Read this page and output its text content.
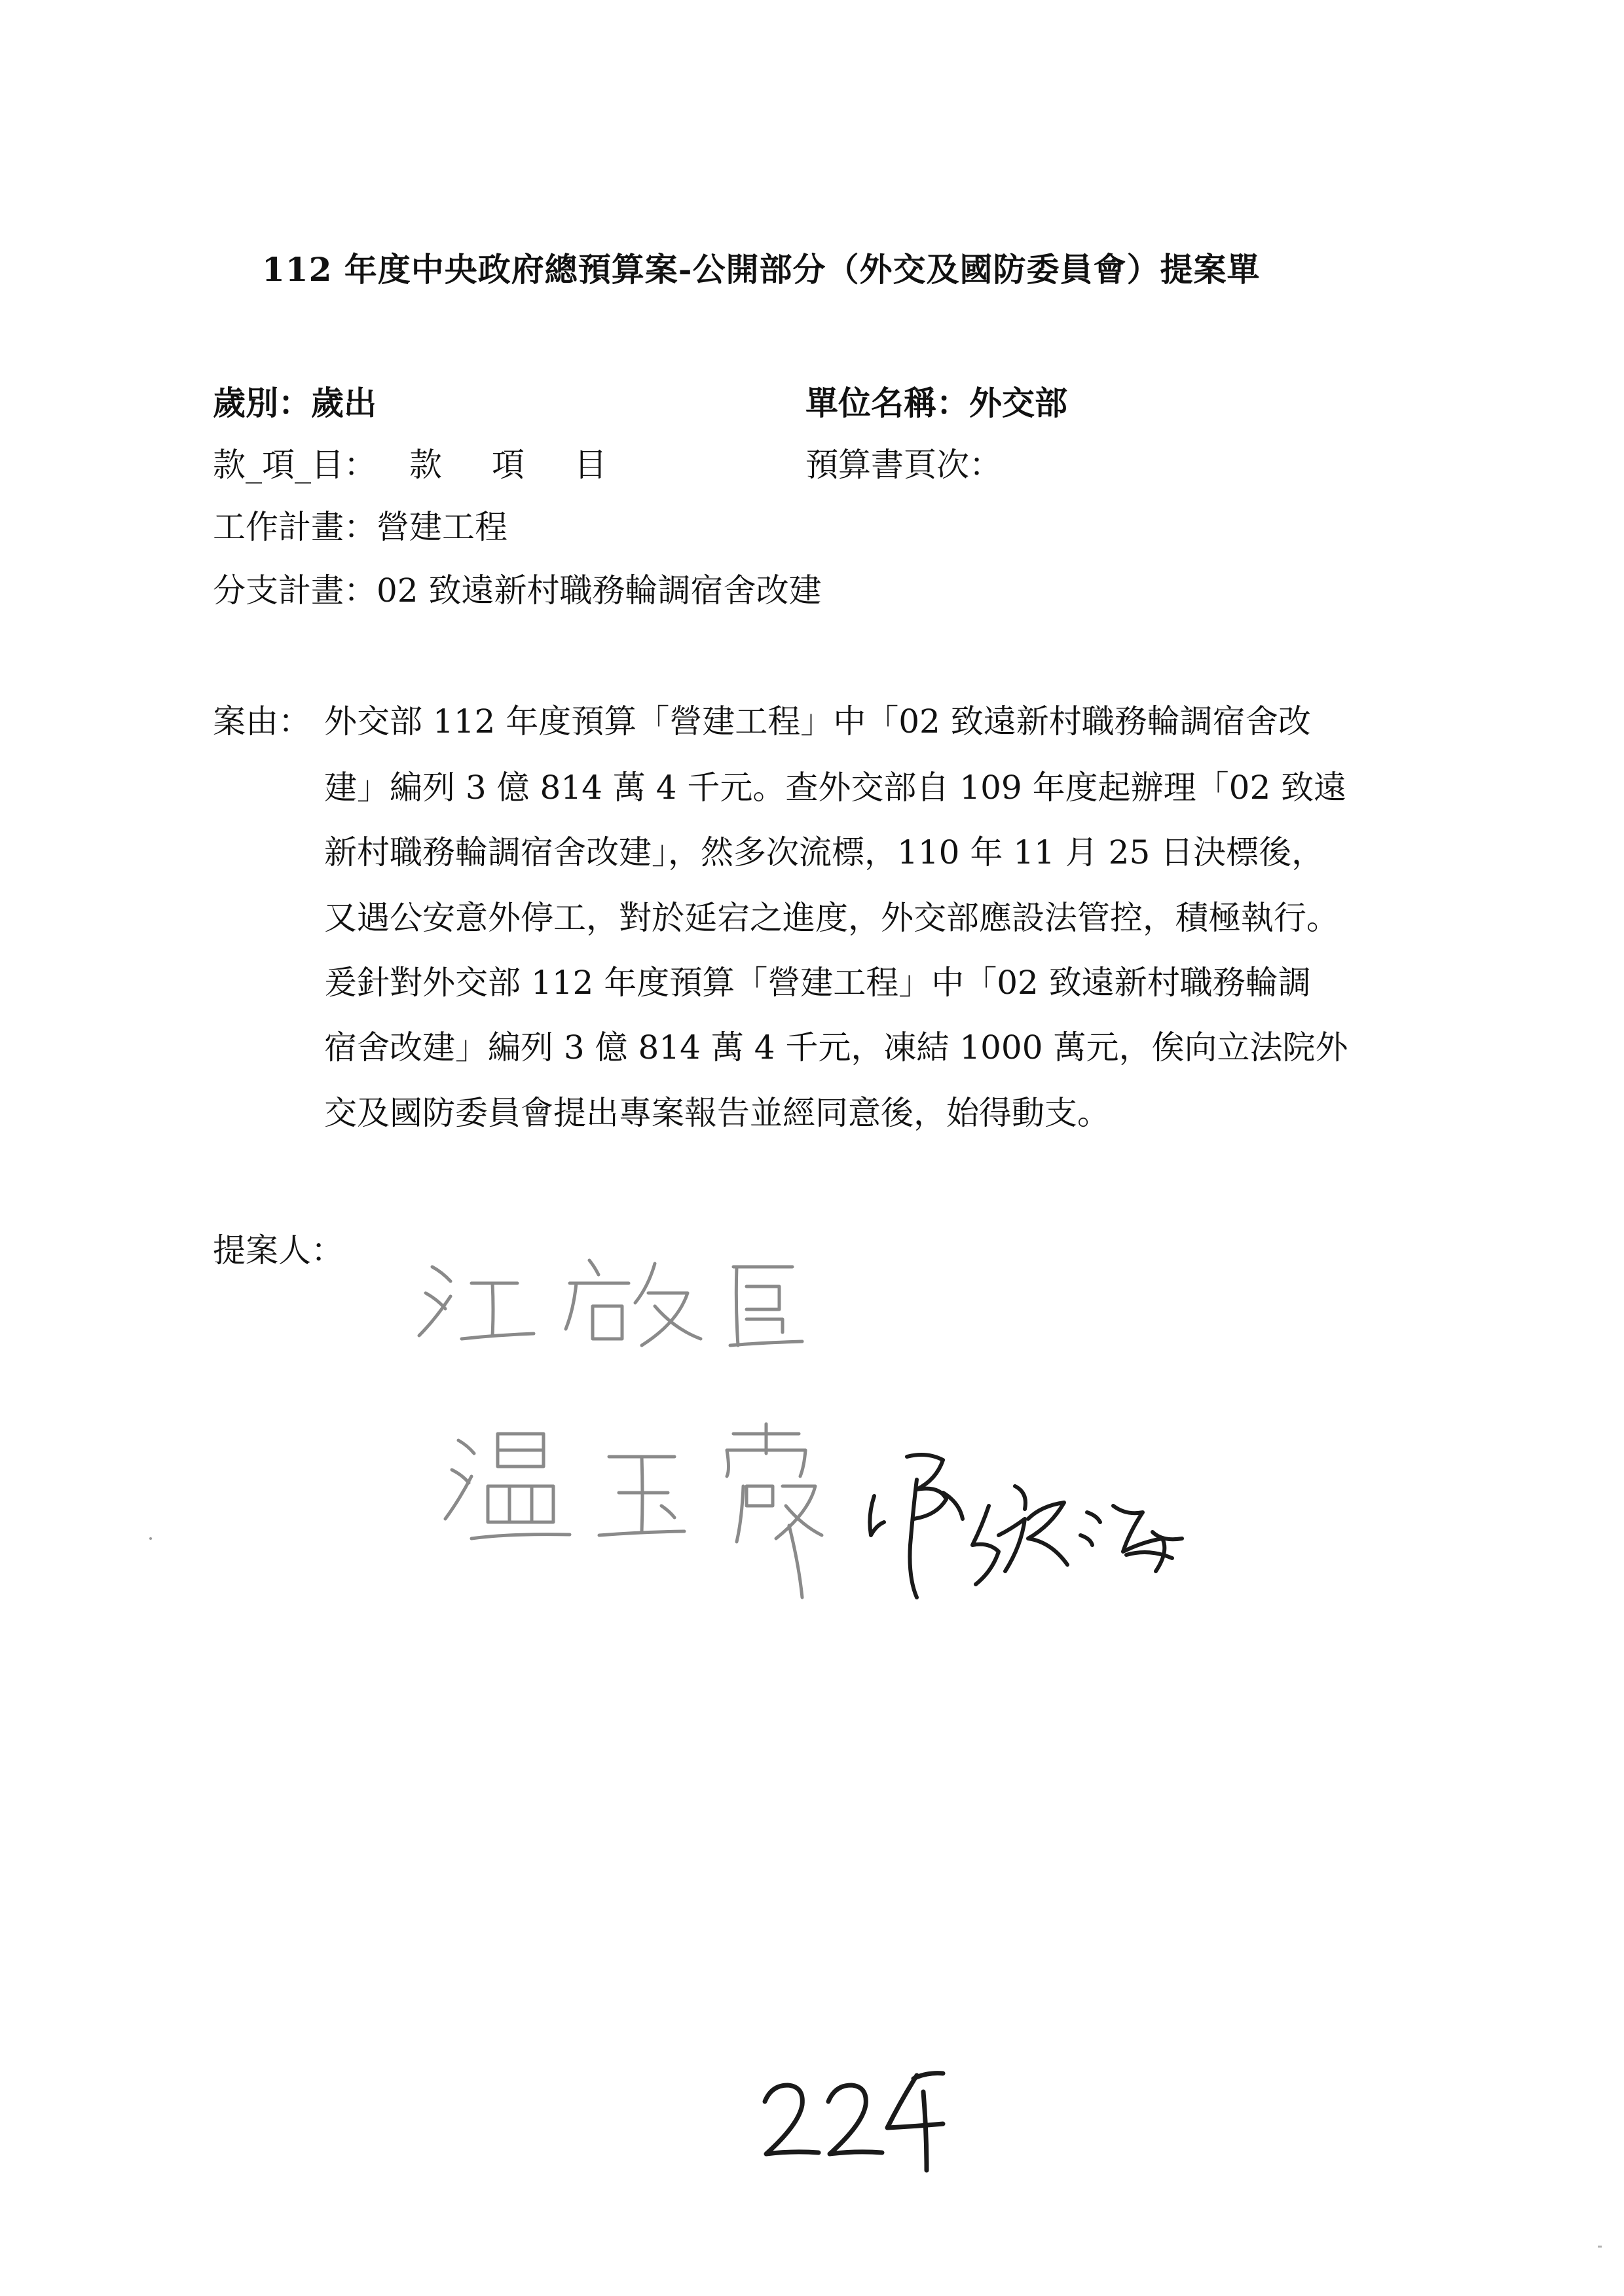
112 年度中央政府總預算案-公開部分（外交及國防委員會）提案單
歲別：歲出	單位名稱：外交部
款_項_目： 款 項 目	預算書頁次：
工作計畫：營建工程
分支計畫：02 致遠新村職務輪調宿舍改建
案由： 外交部 112 年度預算「營建工程」中「02 致遠新村職務輪調宿舍改
建」編列 3 億 814 萬 4 千元。查外交部自 109 年度起辦理「02 致遠
新村職務輪調宿舍改建」，然多次流標，110 年 11 月 25 日決標後，
又遇公安意外停工，對於延宕之進度，外交部應設法管控，積極執行。
爰針對外交部 112 年度預算「營建工程」中「02 致遠新村職務輪調
宿舍改建」編列 3 億 814 萬 4 千元，凍結 1000 萬元，俟向立法院外
交及國防委員會提出專案報告並經同意後，始得動支。
提案人：
